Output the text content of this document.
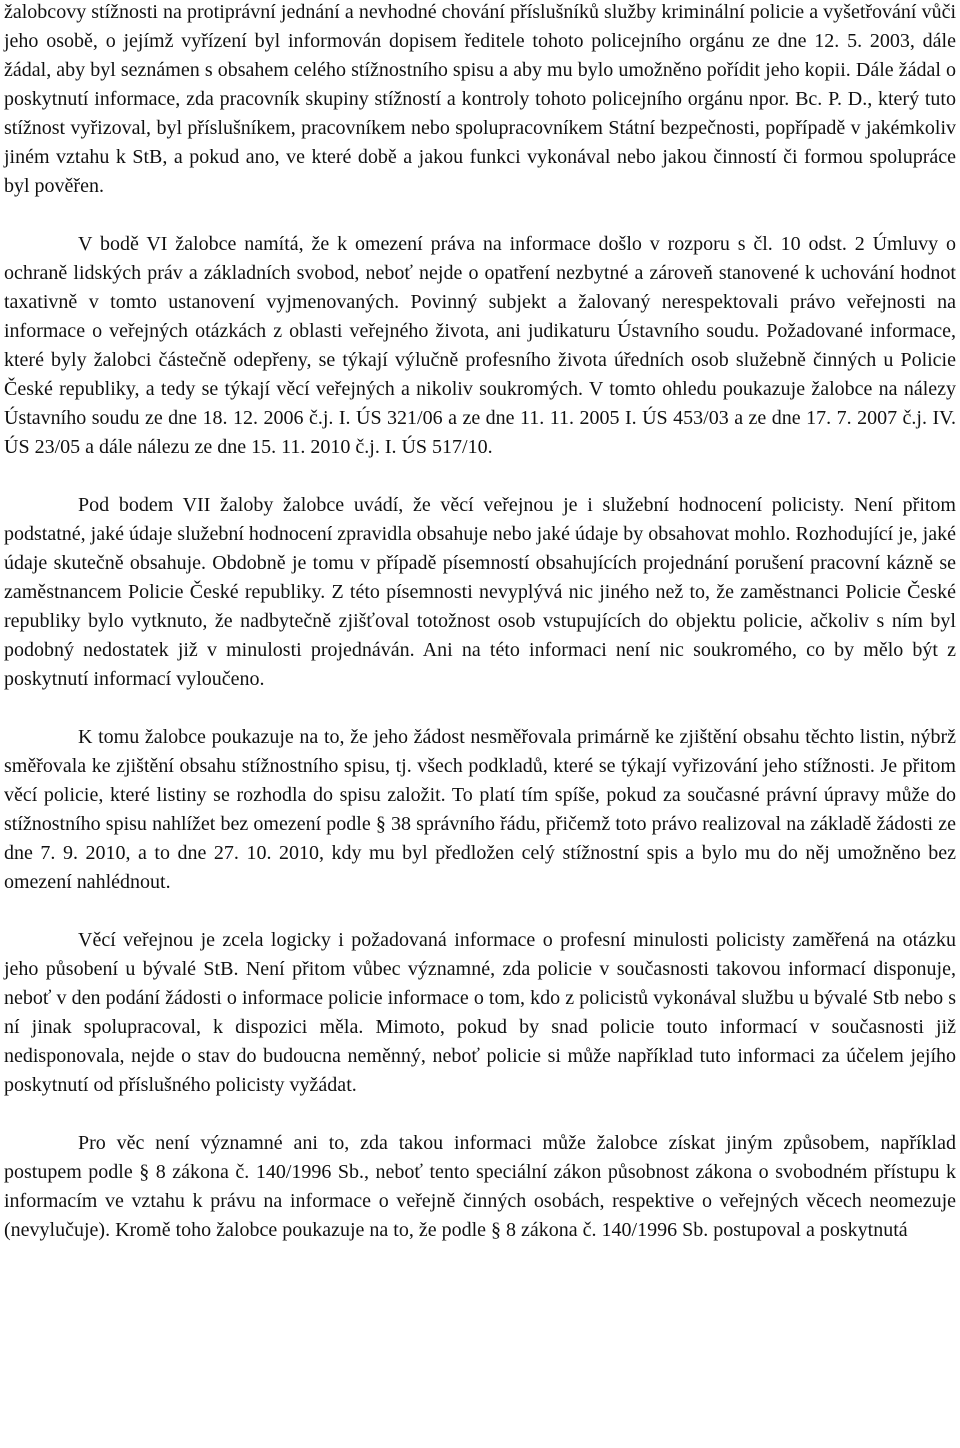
žalobcovy stížnosti na protiprávní jednání a nevhodné chování příslušníků služby kriminální policie a vyšetřování vůči jeho osobě, o jejímž vyřízení byl informován dopisem ředitele tohoto policejního orgánu ze dne 12. 5. 2003, dále žádal, aby byl seznámen s obsahem celého stížnostního spisu a aby mu bylo umožněno pořídit jeho kopii. Dále žádal o poskytnutí informace, zda pracovník skupiny stížností a kontroly tohoto policejního orgánu npor. Bc. P. D., který tuto stížnost vyřizoval, byl příslušníkem, pracovníkem nebo spolupracovníkem Státní bezpečnosti, popřípadě v jakémkoliv jiném vztahu k StB, a pokud ano, ve které době a jakou funkci vykonával nebo jakou činností či formou spolupráce byl pověřen.

V bodě VI žalobce namítá, že k omezení práva na informace došlo v rozporu s čl. 10 odst. 2 Úmluvy o ochraně lidských práv a základních svobod, neboť nejde o opatření nezbytné a zároveň stanovené k uchování hodnot taxativně v tomto ustanovení vyjmenovaných. Povinný subjekt a žalovaný nerespektovali právo veřejnosti na informace o veřejných otázkách z oblasti veřejného života, ani judikaturu Ústavního soudu. Požadované informace, které byly žalobci částečně odepřeny, se týkají výlučně profesního života úředních osob služebně činných u Policie České republiky, a tedy se týkají věcí veřejných a nikoliv soukromých. V tomto ohledu poukazuje žalobce na nálezy Ústavního soudu ze dne 18. 12. 2006 č.j. I. ÚS 321/06 a ze dne 11. 11. 2005 I. ÚS 453/03 a ze dne 17. 7. 2007 č.j. IV. ÚS 23/05 a dále nálezu ze dne 15. 11. 2010 č.j. I. ÚS 517/10.

Pod bodem VII žaloby žalobce uvádí, že věcí veřejnou je i služební hodnocení policisty. Není přitom podstatné, jaké údaje služební hodnocení zpravidla obsahuje nebo jaké údaje by obsahovat mohlo. Rozhodující je, jaké údaje skutečně obsahuje. Obdobně je tomu v případě písemností obsahujících projednání porušení pracovní kázně se zaměstnancem Policie České republiky. Z této písemnosti nevyplývá nic jiného než to, že zaměstnanci Policie České republiky bylo vytknuto, že nadbytečně zjišťoval totožnost osob vstupujících do objektu policie, ačkoliv s ním byl podobný nedostatek již v minulosti projednáván. Ani na této informaci není nic soukromého, co by mělo být z poskytnutí informací vyloučeno.

K tomu žalobce poukazuje na to, že jeho žádost nesměřovala primárně ke zjištění obsahu těchto listin, nýbrž směřovala ke zjištění obsahu stížnostního spisu, tj. všech podkladů, které se týkají vyřizování jeho stížnosti. Je přitom věcí policie, které listiny se rozhodla do spisu založit. To platí tím spíše, pokud za současné právní úpravy může do stížnostního spisu nahlížet bez omezení podle § 38 správního řádu, přičemž toto právo realizoval na základě žádosti ze dne 7. 9. 2010, a to dne 27. 10. 2010, kdy mu byl předložen celý stížnostní spis a bylo mu do něj umožněno bez omezení nahlédnout.

Věcí veřejnou je zcela logicky i požadovaná informace o profesní minulosti policisty zaměřená na otázku jeho působení u bývalé StB. Není přitom vůbec významné, zda policie v současnosti takovou informací disponuje, neboť v den podání žádosti o informace policie informace o tom, kdo z policistů vykonával službu u bývalé Stb nebo s ní jinak spolupracoval, k dispozici měla. Mimoto, pokud by snad policie touto informací v současnosti již nedisponovala, nejde o stav do budoucna neměnný, neboť policie si může například tuto informaci za účelem jejího poskytnutí od příslušného policisty vyžádat.

Pro věc není významné ani to, zda takou informaci může žalobce získat jiným způsobem, například postupem podle § 8 zákona č. 140/1996 Sb., neboť tento speciální zákon působnost zákona o svobodném přístupu k informacím ve vztahu k právu na informace o veřejně činných osobách, respektive o veřejných věcech neomezuje (nevylučuje). Kromě toho žalobce poukazuje na to, že podle § 8 zákona č. 140/1996 Sb. postupoval a poskytnutá
